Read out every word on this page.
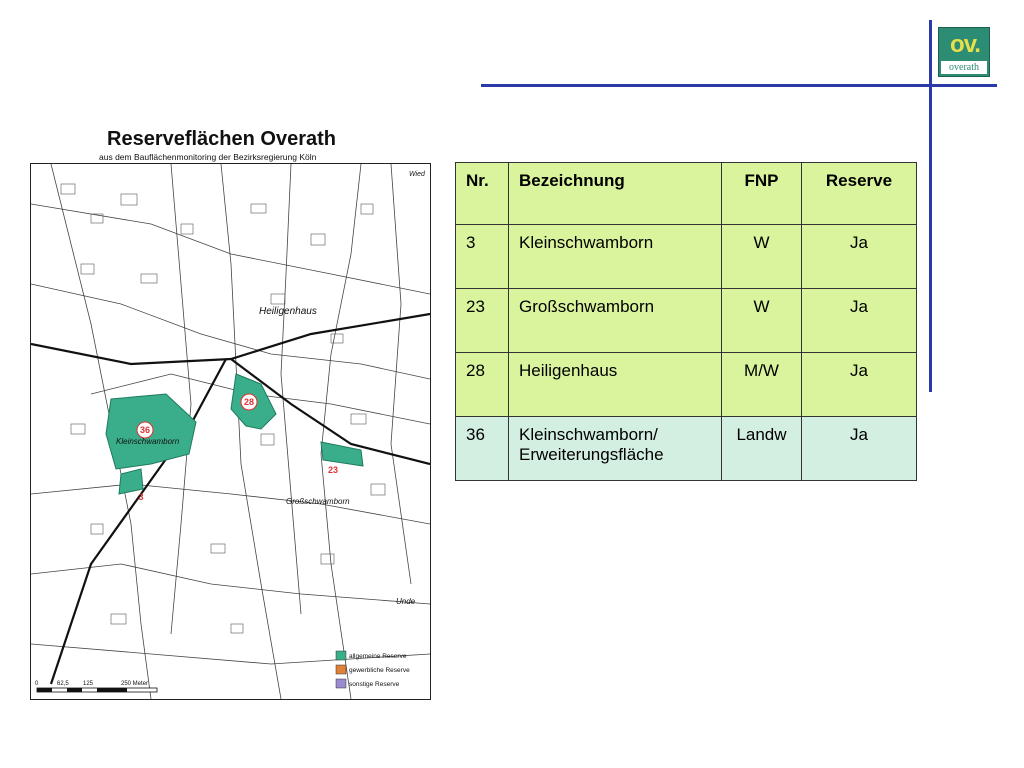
ov.
overath
Reserveflächen Overath
aus dem Bauflächenmonitoring der Bezirksregierung Köln
28
36
23
3
Heiligenhaus
Kleinschwamborn
Großschwamborn
Unde
Wied
allgemeine Reserve
gewerbliche Reserve
sonstige Reserve
0	62,5 125	250 Meter
Nr.	Bezeichnung	FNP	Reserve
3	Kleinschwamborn	W	Ja
23	Großschwamborn	W	Ja
28	Heiligenhaus	M/W	Ja
36	Kleinschwamborn/
Erweiterungsfläche	Landw	Ja
